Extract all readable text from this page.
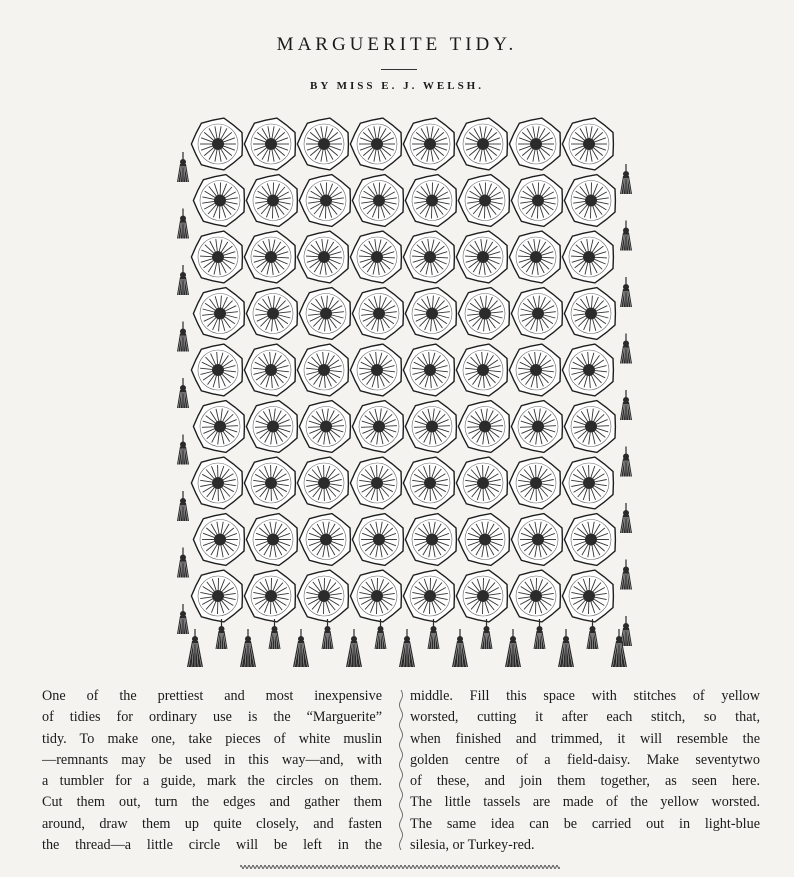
MARGUERITE TIDY.
BY MISS E. J. WELSH.
One of the prettiest and most inexpensive
of tidies for ordinary use is the “Marguerite”
tidy. To make one, take pieces of white muslin
—remnants may be used in this way—and, with
a tumbler for a guide, mark the circles on them.
Cut them out, turn the edges and gather them
around, draw them up quite closely, and fasten
the thread—a little circle will be left in the
middle. Fill this space with stitches of yellow
worsted, cutting it after each stitch, so that,
when finished and trimmed, it will resemble the
golden centre of a field-daisy. Make seventytwo
of these, and join them together, as seen here.
The little tassels are made of the yellow worsted.
The same idea can be carried out in light-blue
silesia, or Turkey-red.
